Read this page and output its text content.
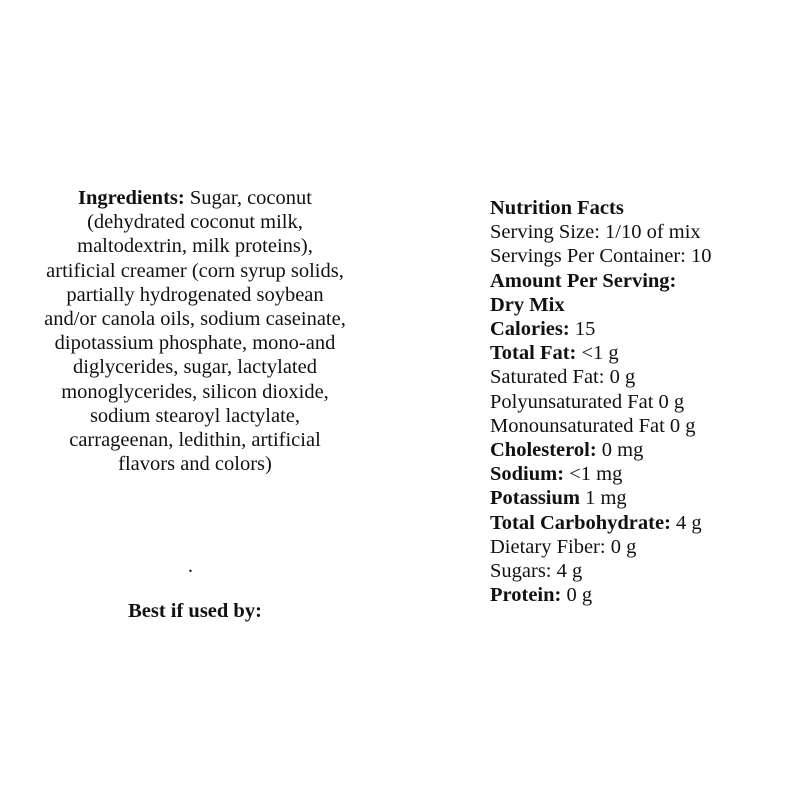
Ingredients: Sugar, coconut (dehydrated coconut milk, maltodextrin, milk proteins), artificial creamer (corn syrup solids, partially hydrogenated soybean and/or canola oils, sodium caseinate, dipotassium phosphate, mono-and diglycerides, sugar, lactylated monoglycerides, silicon dioxide, sodium stearoyl lactylate, carrageenan, ledithin, artificial flavors and colors)
.
Best if used by:
Nutrition Facts
Serving Size: 1/10 of mix
Servings Per Container: 10
Amount Per Serving:
Dry Mix
Calories: 15
Total Fat: <1 g
Saturated Fat: 0 g
Polyunsaturated Fat 0 g
Monounsaturated Fat 0 g
Cholesterol: 0 mg
Sodium: <1 mg
Potassium 1 mg
Total Carbohydrate: 4 g
Dietary Fiber: 0 g
Sugars: 4 g
Protein: 0 g
